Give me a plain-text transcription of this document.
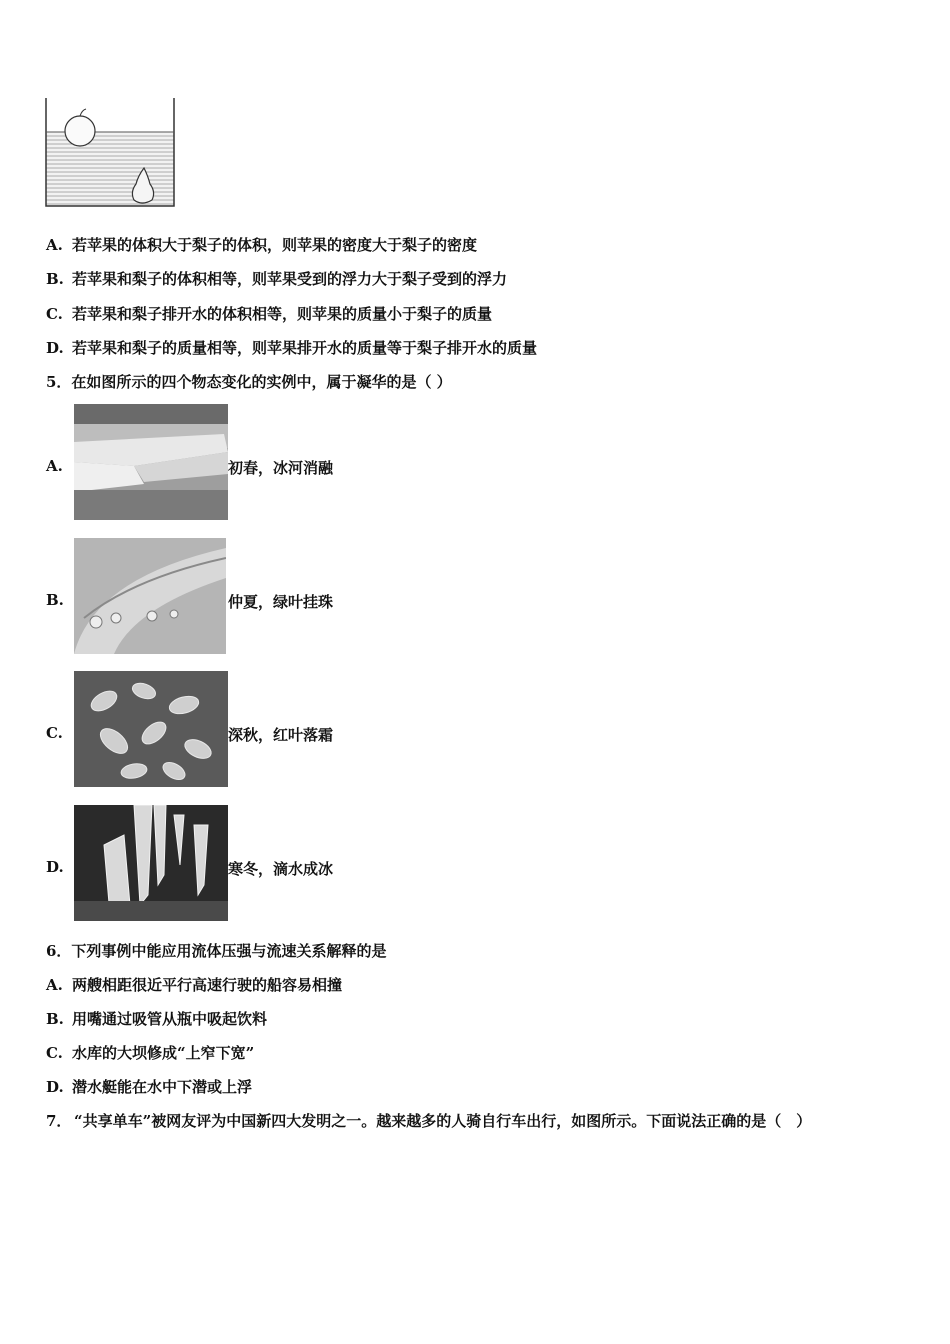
A. 若苹果的体积大于梨子的体积，则苹果的密度大于梨子的密度
B. 若苹果和梨子的体积相等，则苹果受到的浮力大于梨子受到的浮力
C. 若苹果和梨子排开水的体积相等，则苹果的质量小于梨子的质量
D. 若苹果和梨子的质量相等，则苹果排开水的质量等于梨子排开水的质量
5．在如图所示的四个物态变化的实例中，属于凝华的是（ ）
A.	初春，冰河消融
B.	仲夏，绿叶挂珠
C.	深秋，红叶落霜
D.	寒冬，滴水成冰
6．下列事例中能应用流体压强与流速关系解释的是
A. 两艘相距很近平行高速行驶的船容易相撞
B. 用嘴通过吸管从瓶中吸起饮料
C. 水库的大坝修成“上窄下宽”
D. 潜水艇能在水中下潜或上浮
7． “共享单车”被网友评为中国新四大发明之一。越来越多的人骑自行车出行，如图所示。下面说法正确的是（　）
